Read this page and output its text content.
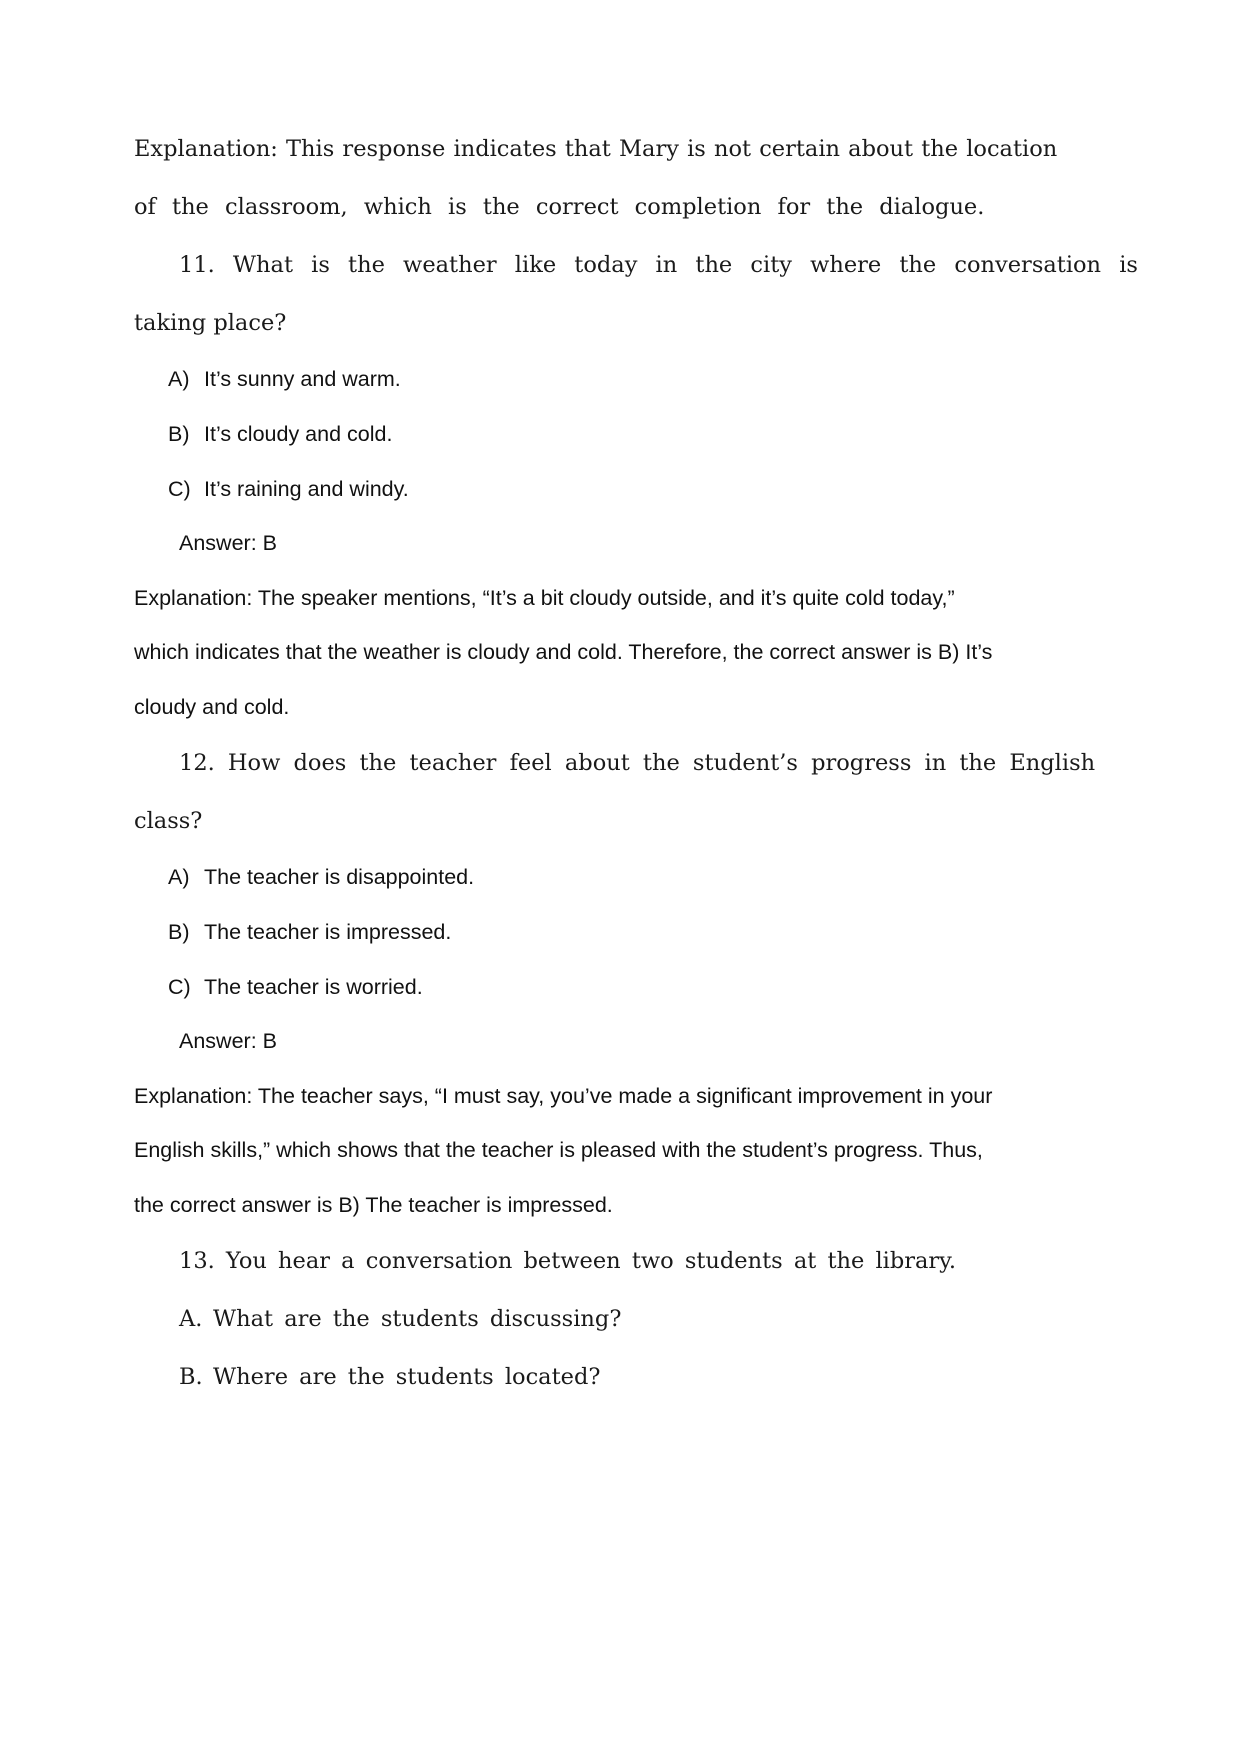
Explanation: This response indicates that Mary is not certain about the location
of the classroom, which is the correct completion for the dialogue.
11. What is the weather like today in the city where the conversation is
taking place?
A) It’s sunny and warm.
B) It’s cloudy and cold.
C) It’s raining and windy.
Answer: B
Explanation: The speaker mentions, “It’s a bit cloudy outside, and it’s quite cold today,”
which indicates that the weather is cloudy and cold. Therefore, the correct answer is B) It’s
cloudy and cold.
12. How does the teacher feel about the student’s progress in the English
class?
A) The teacher is disappointed.
B) The teacher is impressed.
C) The teacher is worried.
Answer: B
Explanation: The teacher says, “I must say, you’ve made a significant improvement in your
English skills,” which shows that the teacher is pleased with the student’s progress. Thus,
the correct answer is B) The teacher is impressed.
13. You hear a conversation between two students at the library.
A. What are the students discussing?
B. Where are the students located?
